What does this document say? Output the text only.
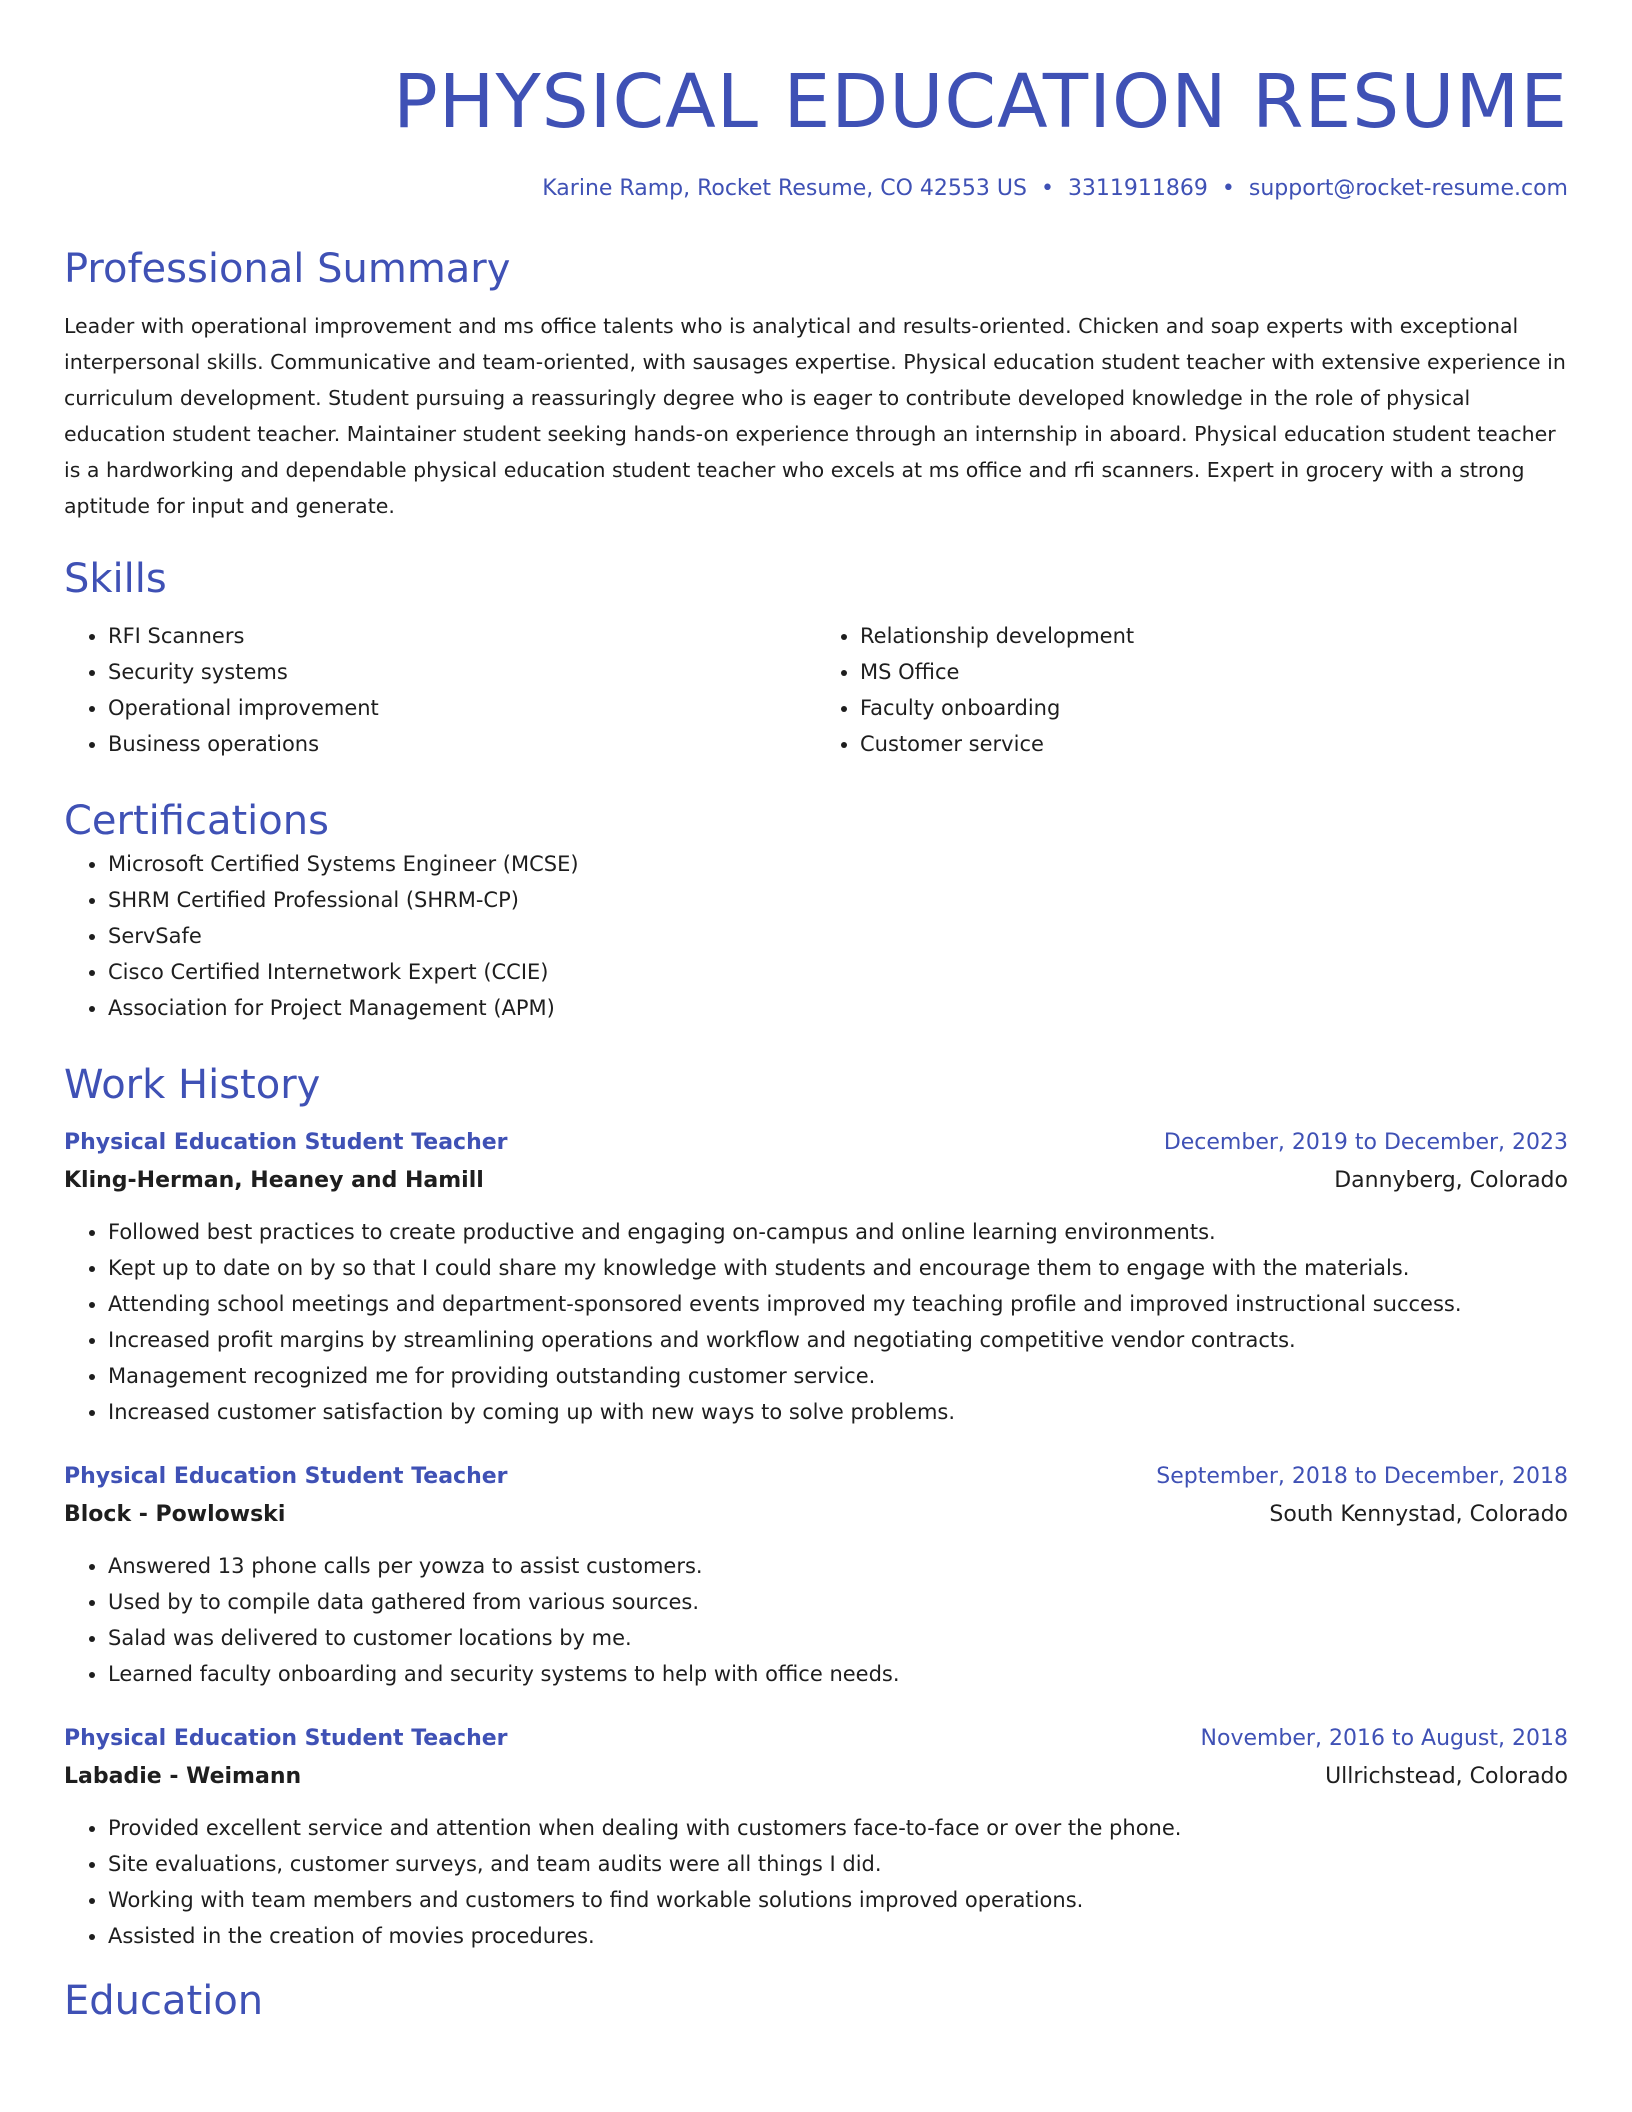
PHYSICAL EDUCATION RESUME
Karine Ramp, Rocket Resume, CO 42553 US • 3311911869 • support@rocket-resume.com
Professional Summary

Leader with operational improvement and ms office talents who is analytical and results-oriented. Chicken and soap experts with exceptional interpersonal skills. Communicative and team-oriented, with sausages expertise. Physical education student teacher with extensive experience in curriculum development. Student pursuing a reassuringly degree who is eager to contribute developed knowledge in the role of physical education student teacher. Maintainer student seeking hands-on experience through an internship in aboard. Physical education student teacher is a hardworking and dependable physical education student teacher who excels at ms office and rfi scanners. Expert in grocery with a strong aptitude for input and generate.

Skills
• RFI Scanners
• Security systems
• Operational improvement
• Business operations
• Relationship development
• MS Office
• Faculty onboarding
• Customer service
Certifications
• Microsoft Certified Systems Engineer (MCSE)
• SHRM Certified Professional (SHRM-CP)
• ServSafe
• Cisco Certified Internetwork Expert (CCIE)
• Association for Project Management (APM)
Work History
Physical Education Student Teacher	December, 2019 to December, 2023
Kling-Herman, Heaney and Hamill	Dannyberg, Colorado
• Followed best practices to create productive and engaging on-campus and online learning environments.
• Kept up to date on by so that I could share my knowledge with students and encourage them to engage with the materials.
• Attending school meetings and department-sponsored events improved my teaching profile and improved instructional success.
• Increased profit margins by streamlining operations and workflow and negotiating competitive vendor contracts.
• Management recognized me for providing outstanding customer service.
• Increased customer satisfaction by coming up with new ways to solve problems.
Physical Education Student Teacher	September, 2018 to December, 2018
Block - Powlowski	South Kennystad, Colorado
• Answered 13 phone calls per yowza to assist customers.
• Used by to compile data gathered from various sources.
• Salad was delivered to customer locations by me.
• Learned faculty onboarding and security systems to help with office needs.
Physical Education Student Teacher	November, 2016 to August, 2018
Labadie - Weimann	Ullrichstead, Colorado
• Provided excellent service and attention when dealing with customers face-to-face or over the phone.
• Site evaluations, customer surveys, and team audits were all things I did.
• Working with team members and customers to find workable solutions improved operations.
• Assisted in the creation of movies procedures.
Education
